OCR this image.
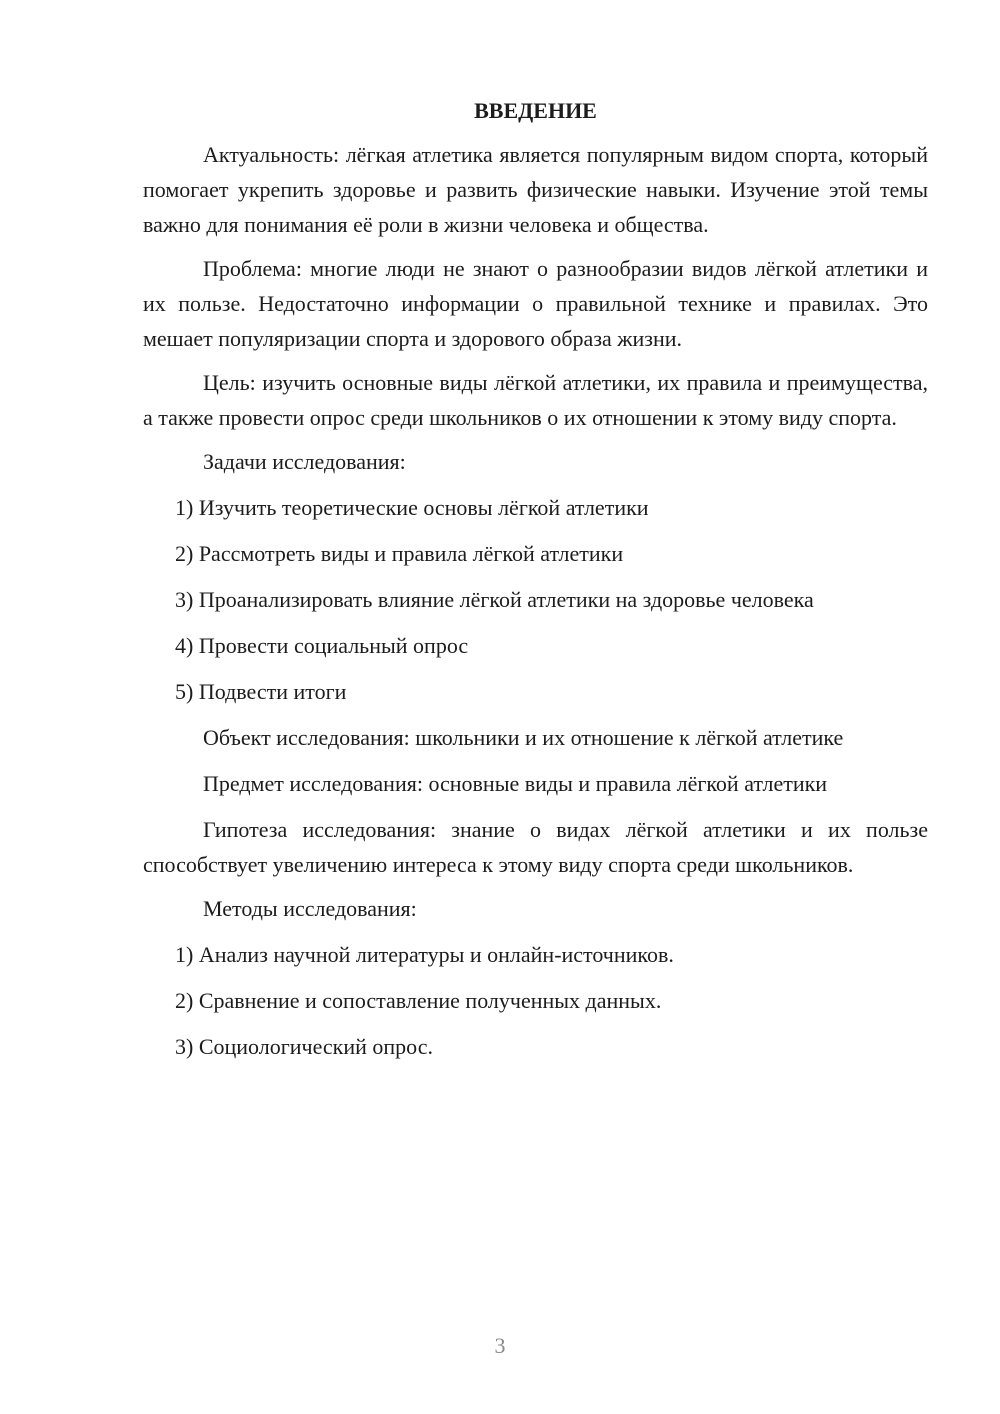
ВВЕДЕНИЕ

Актуальность: лёгкая атлетика является популярным видом спорта, который помогает укрепить здоровье и развить физические навыки. Изучение этой темы важно для понимания её роли в жизни человека и общества.

Проблема: многие люди не знают о разнообразии видов лёгкой атлетики и их пользе. Недостаточно информации о правильной технике и правилах. Это мешает популяризации спорта и здорового образа жизни.

Цель: изучить основные виды лёгкой атлетики, их правила и преимущества, а также провести опрос среди школьников о их отношении к этому виду спорта.

Задачи исследования:

1) Изучить теоретические основы лёгкой атлетики

2) Рассмотреть виды и правила лёгкой атлетики

3) Проанализировать влияние лёгкой атлетики на здоровье человека

4) Провести социальный опрос

5) Подвести итоги

Объект исследования: школьники и их отношение к лёгкой атлетике

Предмет исследования: основные виды и правила лёгкой атлетики

Гипотеза исследования: знание о видах лёгкой атлетики и их пользе способствует увеличению интереса к этому виду спорта среди школьников.

Методы исследования:

1) Анализ научной литературы и онлайн-источников.

2) Сравнение и сопоставление полученных данных.

3) Социологический опрос.

3
